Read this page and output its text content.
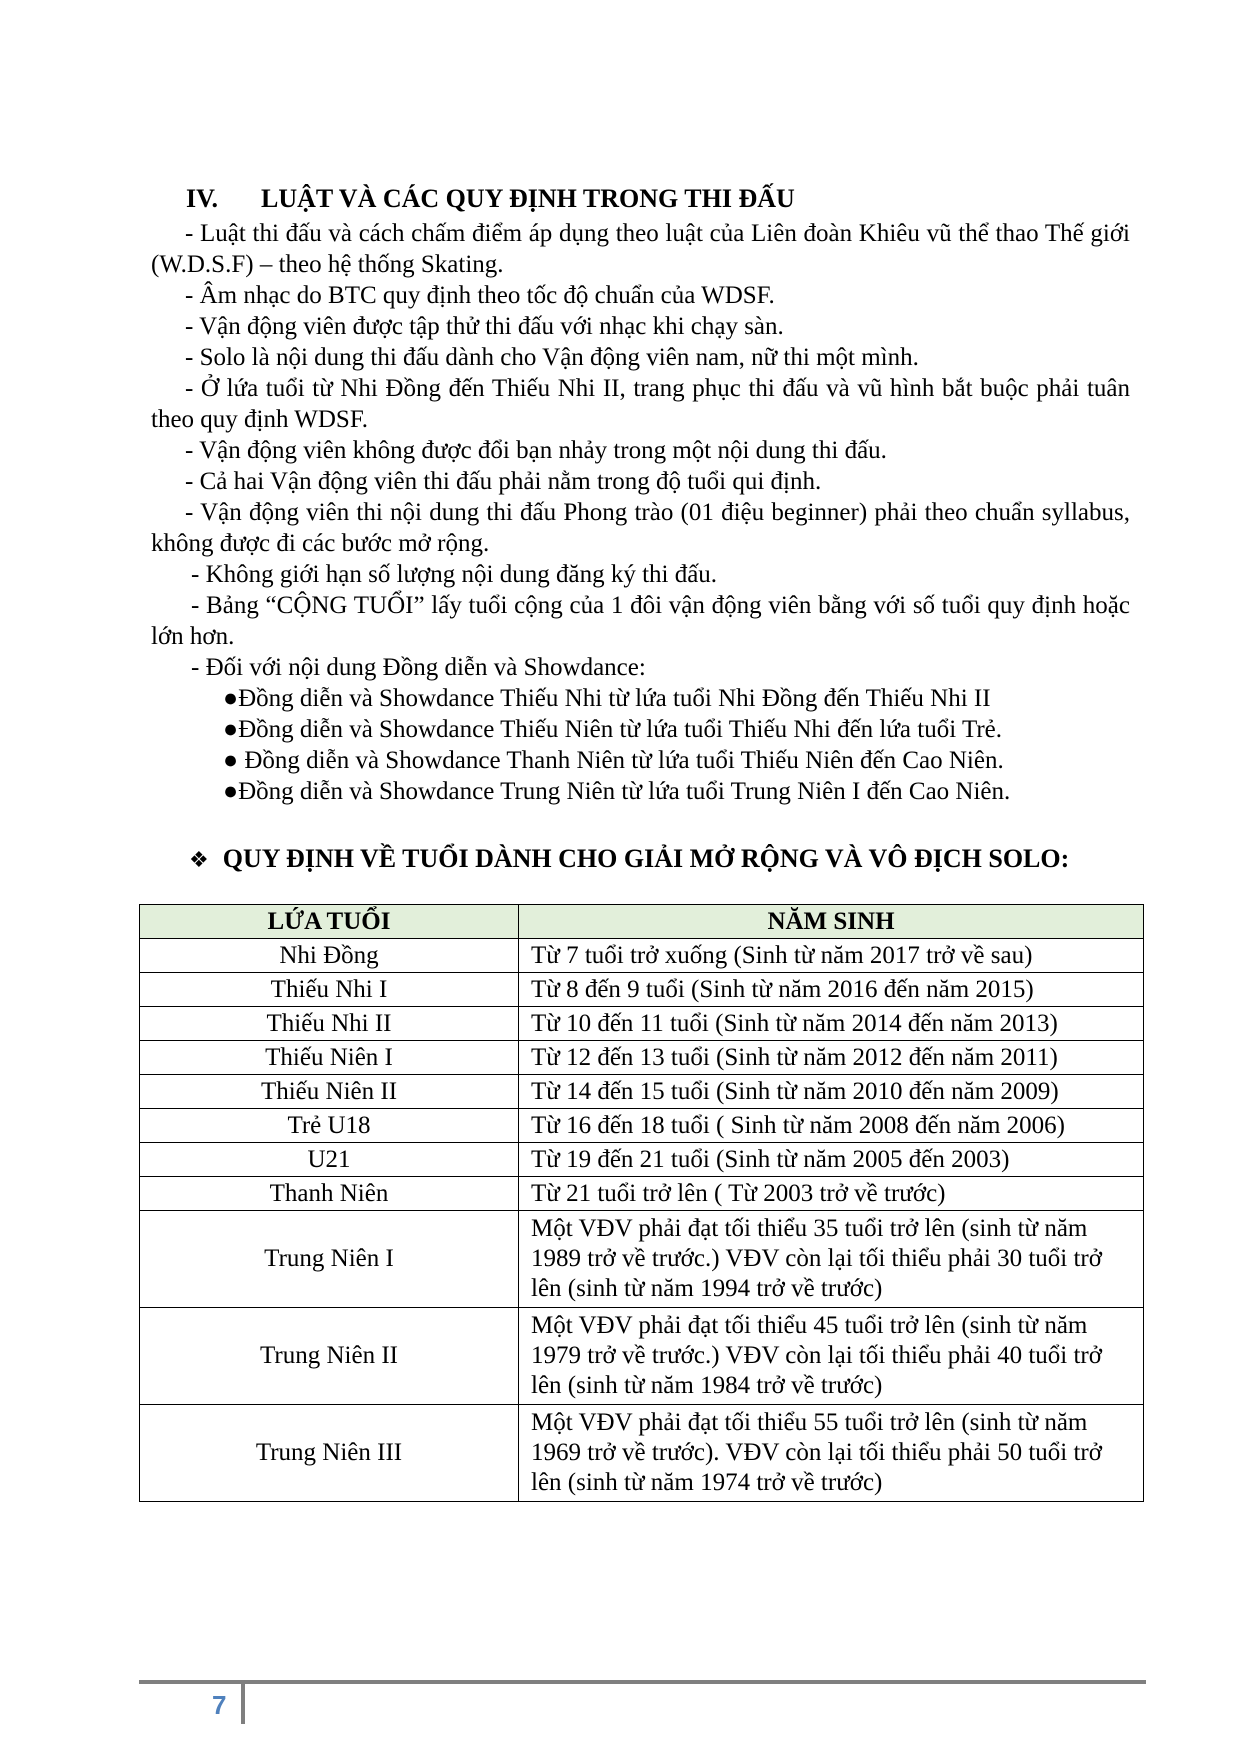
IV. LUẬT VÀ CÁC QUY ĐỊNH TRONG THI ĐẤU

- Luật thi đấu và cách chấm điểm áp dụng theo luật của Liên đoàn Khiêu vũ thể thao Thế giới (W.D.S.F) – theo hệ thống Skating.

- Âm nhạc do BTC quy định theo tốc độ chuẩn của WDSF.

- Vận động viên được tập thử thi đấu với nhạc khi chạy sàn.

- Solo là nội dung thi đấu dành cho Vận động viên nam, nữ thi một mình.

- Ở lứa tuổi từ Nhi Đồng đến Thiếu Nhi II, trang phục thi đấu và vũ hình bắt buộc phải tuân theo quy định WDSF.

- Vận động viên không được đổi bạn nhảy trong một nội dung thi đấu.

- Cả hai Vận động viên thi đấu phải nằm trong độ tuổi qui định.

- Vận động viên thi nội dung thi đấu Phong trào (01 điệu beginner) phải theo chuẩn syllabus, không được đi các bước mở rộng.

- Không giới hạn số lượng nội dung đăng ký thi đấu.

- Bảng “CỘNG TUỔI” lấy tuổi cộng của 1 đôi vận động viên bằng với số tuổi quy định hoặc lớn hơn.

- Đối với nội dung Đồng diễn và Showdance:

●Đồng diễn và Showdance Thiếu Nhi từ lứa tuổi Nhi Đồng đến Thiếu Nhi II

●Đồng diễn và Showdance Thiếu Niên từ lứa tuổi Thiếu Nhi đến lứa tuổi Trẻ.

● Đồng diễn và Showdance Thanh Niên từ lứa tuổi Thiếu Niên đến Cao Niên.

●Đồng diễn và Showdance Trung Niên từ lứa tuổi Trung Niên I đến Cao Niên.

❖ QUY ĐỊNH VỀ TUỔI DÀNH CHO GIẢI MỞ RỘNG VÀ VÔ ĐỊCH SOLO:
LỨA TUỔI	NĂM SINH
Nhi Đồng	Từ 7 tuổi trở xuống (Sinh từ năm 2017 trở về sau)
Thiếu Nhi I	Từ 8 đến 9 tuổi (Sinh từ năm 2016 đến năm 2015)
Thiếu Nhi II	Từ 10 đến 11 tuổi (Sinh từ năm 2014 đến năm 2013)
Thiếu Niên I	Từ 12 đến 13 tuổi (Sinh từ năm 2012 đến năm 2011)
Thiếu Niên II	Từ 14 đến 15 tuổi (Sinh từ năm 2010 đến năm 2009)
Trẻ U18	Từ 16 đến 18 tuổi ( Sinh từ năm 2008 đến năm 2006)
U21	Từ 19 đến 21 tuổi (Sinh từ năm 2005 đến 2003)
Thanh Niên	Từ 21 tuổi trở lên ( Từ 2003 trở về trước)
Trung Niên I	Một VĐV phải đạt tối thiểu 35 tuổi trở lên (sinh từ năm 1989 trở về trước.) VĐV còn lại tối thiểu phải 30 tuổi trở lên (sinh từ năm 1994 trở về trước)
Trung Niên II	Một VĐV phải đạt tối thiểu 45 tuổi trở lên (sinh từ năm 1979 trở về trước.) VĐV còn lại tối thiểu phải 40 tuổi trở lên (sinh từ năm 1984 trở về trước)
Trung Niên III	Một VĐV phải đạt tối thiểu 55 tuổi trở lên (sinh từ năm 1969 trở về trước). VĐV còn lại tối thiểu phải 50 tuổi trở lên (sinh từ năm 1974 trở về trước)
7
